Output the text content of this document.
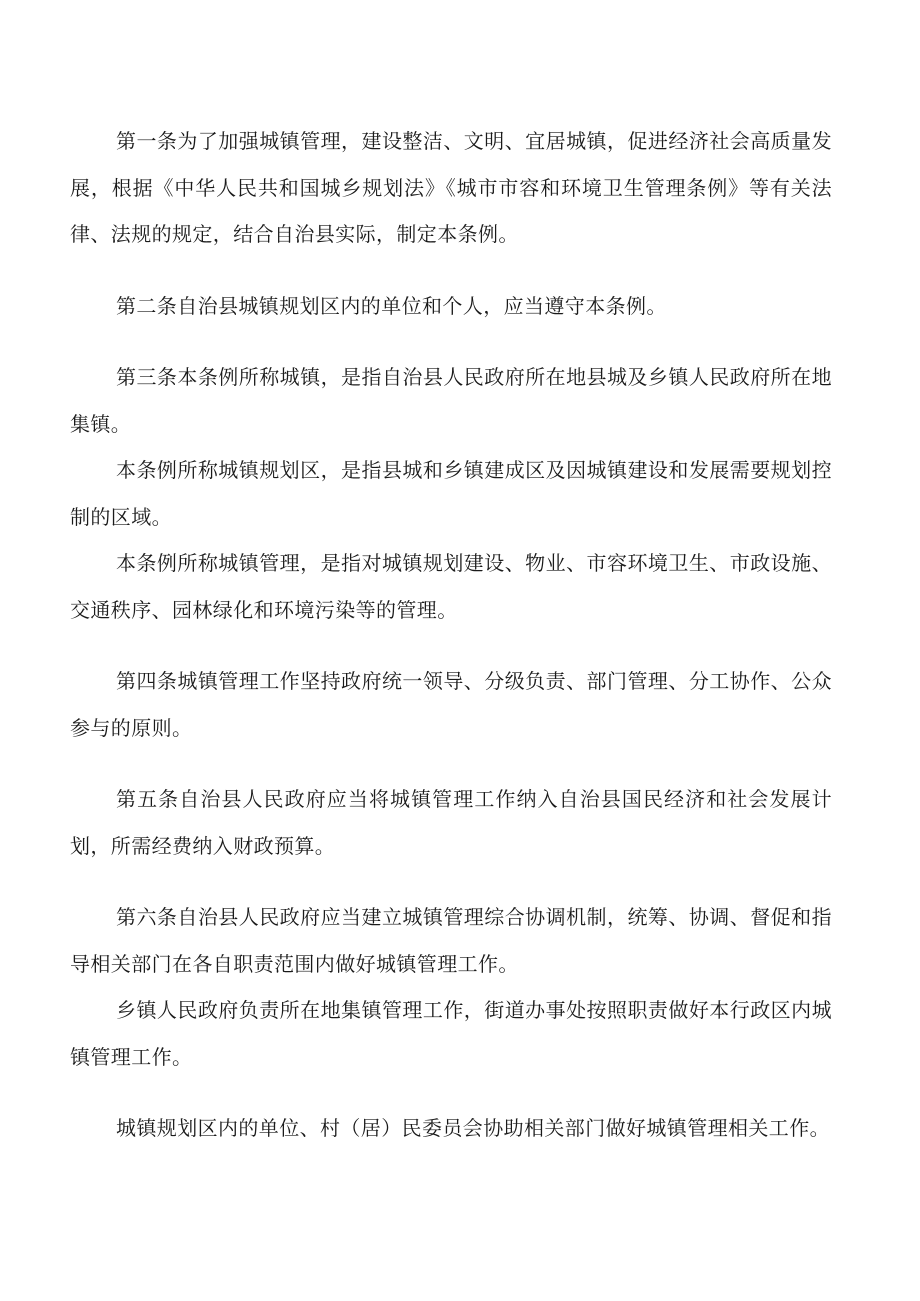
第一条为了加强城镇管理，建设整洁、文明、宜居城镇，促进经济社会高质量发展，根据《中华人民共和国城乡规划法》《城市市容和环境卫生管理条例》等有关法律、法规的规定，结合自治县实际，制定本条例。

第二条自治县城镇规划区内的单位和个人，应当遵守本条例。

第三条本条例所称城镇，是指自治县人民政府所在地县城及乡镇人民政府所在地集镇。

本条例所称城镇规划区，是指县城和乡镇建成区及因城镇建设和发展需要规划控制的区域。

本条例所称城镇管理，是指对城镇规划建设、物业、市容环境卫生、市政设施、交通秩序、园林绿化和环境污染等的管理。

第四条城镇管理工作坚持政府统一领导、分级负责、部门管理、分工协作、公众参与的原则。

第五条自治县人民政府应当将城镇管理工作纳入自治县国民经济和社会发展计划，所需经费纳入财政预算。

第六条自治县人民政府应当建立城镇管理综合协调机制，统筹、协调、督促和指导相关部门在各自职责范围内做好城镇管理工作。

乡镇人民政府负责所在地集镇管理工作，街道办事处按照职责做好本行政区内城镇管理工作。

城镇规划区内的单位、村（居）民委员会协助相关部门做好城镇管理相关工作。
